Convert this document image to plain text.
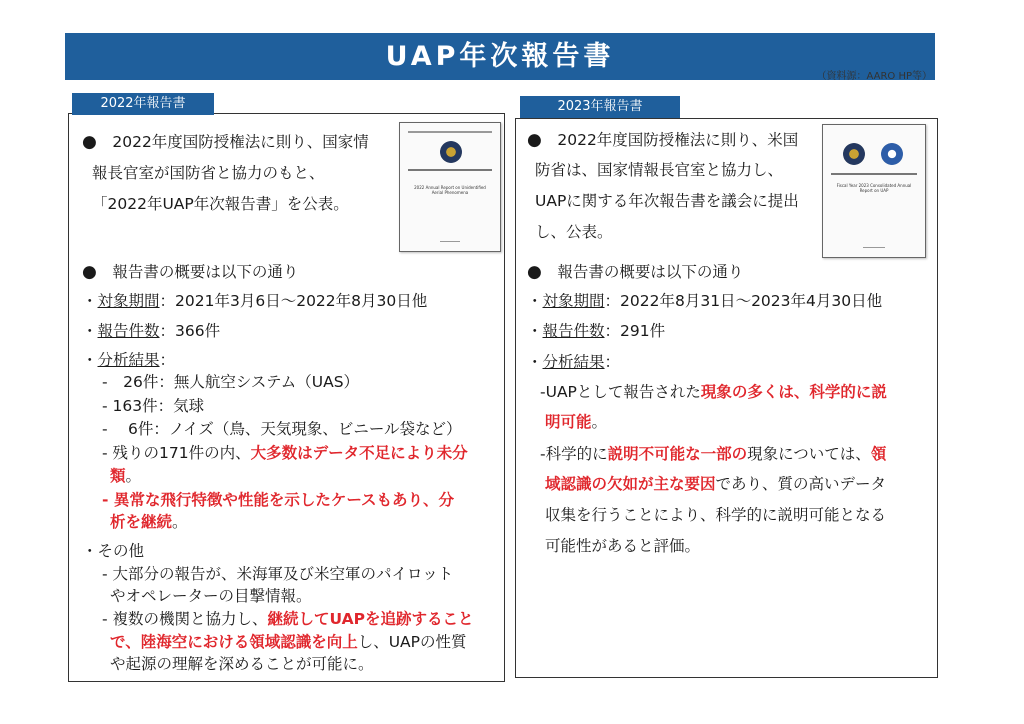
UAP年次報告書
（資料源：AARO HP等）
2022年報告書
2022 Annual Report on Unidentified Aerial Phenomena
●　 2022年度国防授権法に則り、国家情
報長官室が国防省と協力のもと、
「2022年UAP年次報告書」を公表。
●　 報告書の概要は以下の通り
・対象期間：2021年3月6日～2022年8月30日他
・報告件数：366件
・分析結果：
-　26件：無人航空システム（UAS）
- 163件：気球
-　 6件：ノイズ（鳥、天気現象、ビニール袋など）
- 残りの171件の内、大多数はデータ不足により未分
類。
- 異常な飛行特徴や性能を示したケースもあり、分
析を継続。
・その他
- 大部分の報告が、米海軍及び米空軍のパイロット
やオペレーターの目撃情報。
- 複数の機関と協力し、継続してUAPを追跡すること
で、陸海空における領域認識を向上し、UAPの性質
や起源の理解を深めることが可能に。
2023年報告書
Fiscal Year 2023 Consolidated Annual Report on UAP
●　 2022年度国防授権法に則り、米国
防省は、国家情報長官室と協力し、
UAPに関する年次報告書を議会に提出
し、公表。
●　 報告書の概要は以下の通り
・対象期間：2022年8月31日～2023年4月30日他
・報告件数：291件
・分析結果：
-UAPとして報告された現象の多くは、科学的に説
明可能。
-科学的に説明不可能な一部の現象については、領
域認識の欠如が主な要因であり、質の高いデータ
収集を行うことにより、科学的に説明可能となる
可能性があると評価。
